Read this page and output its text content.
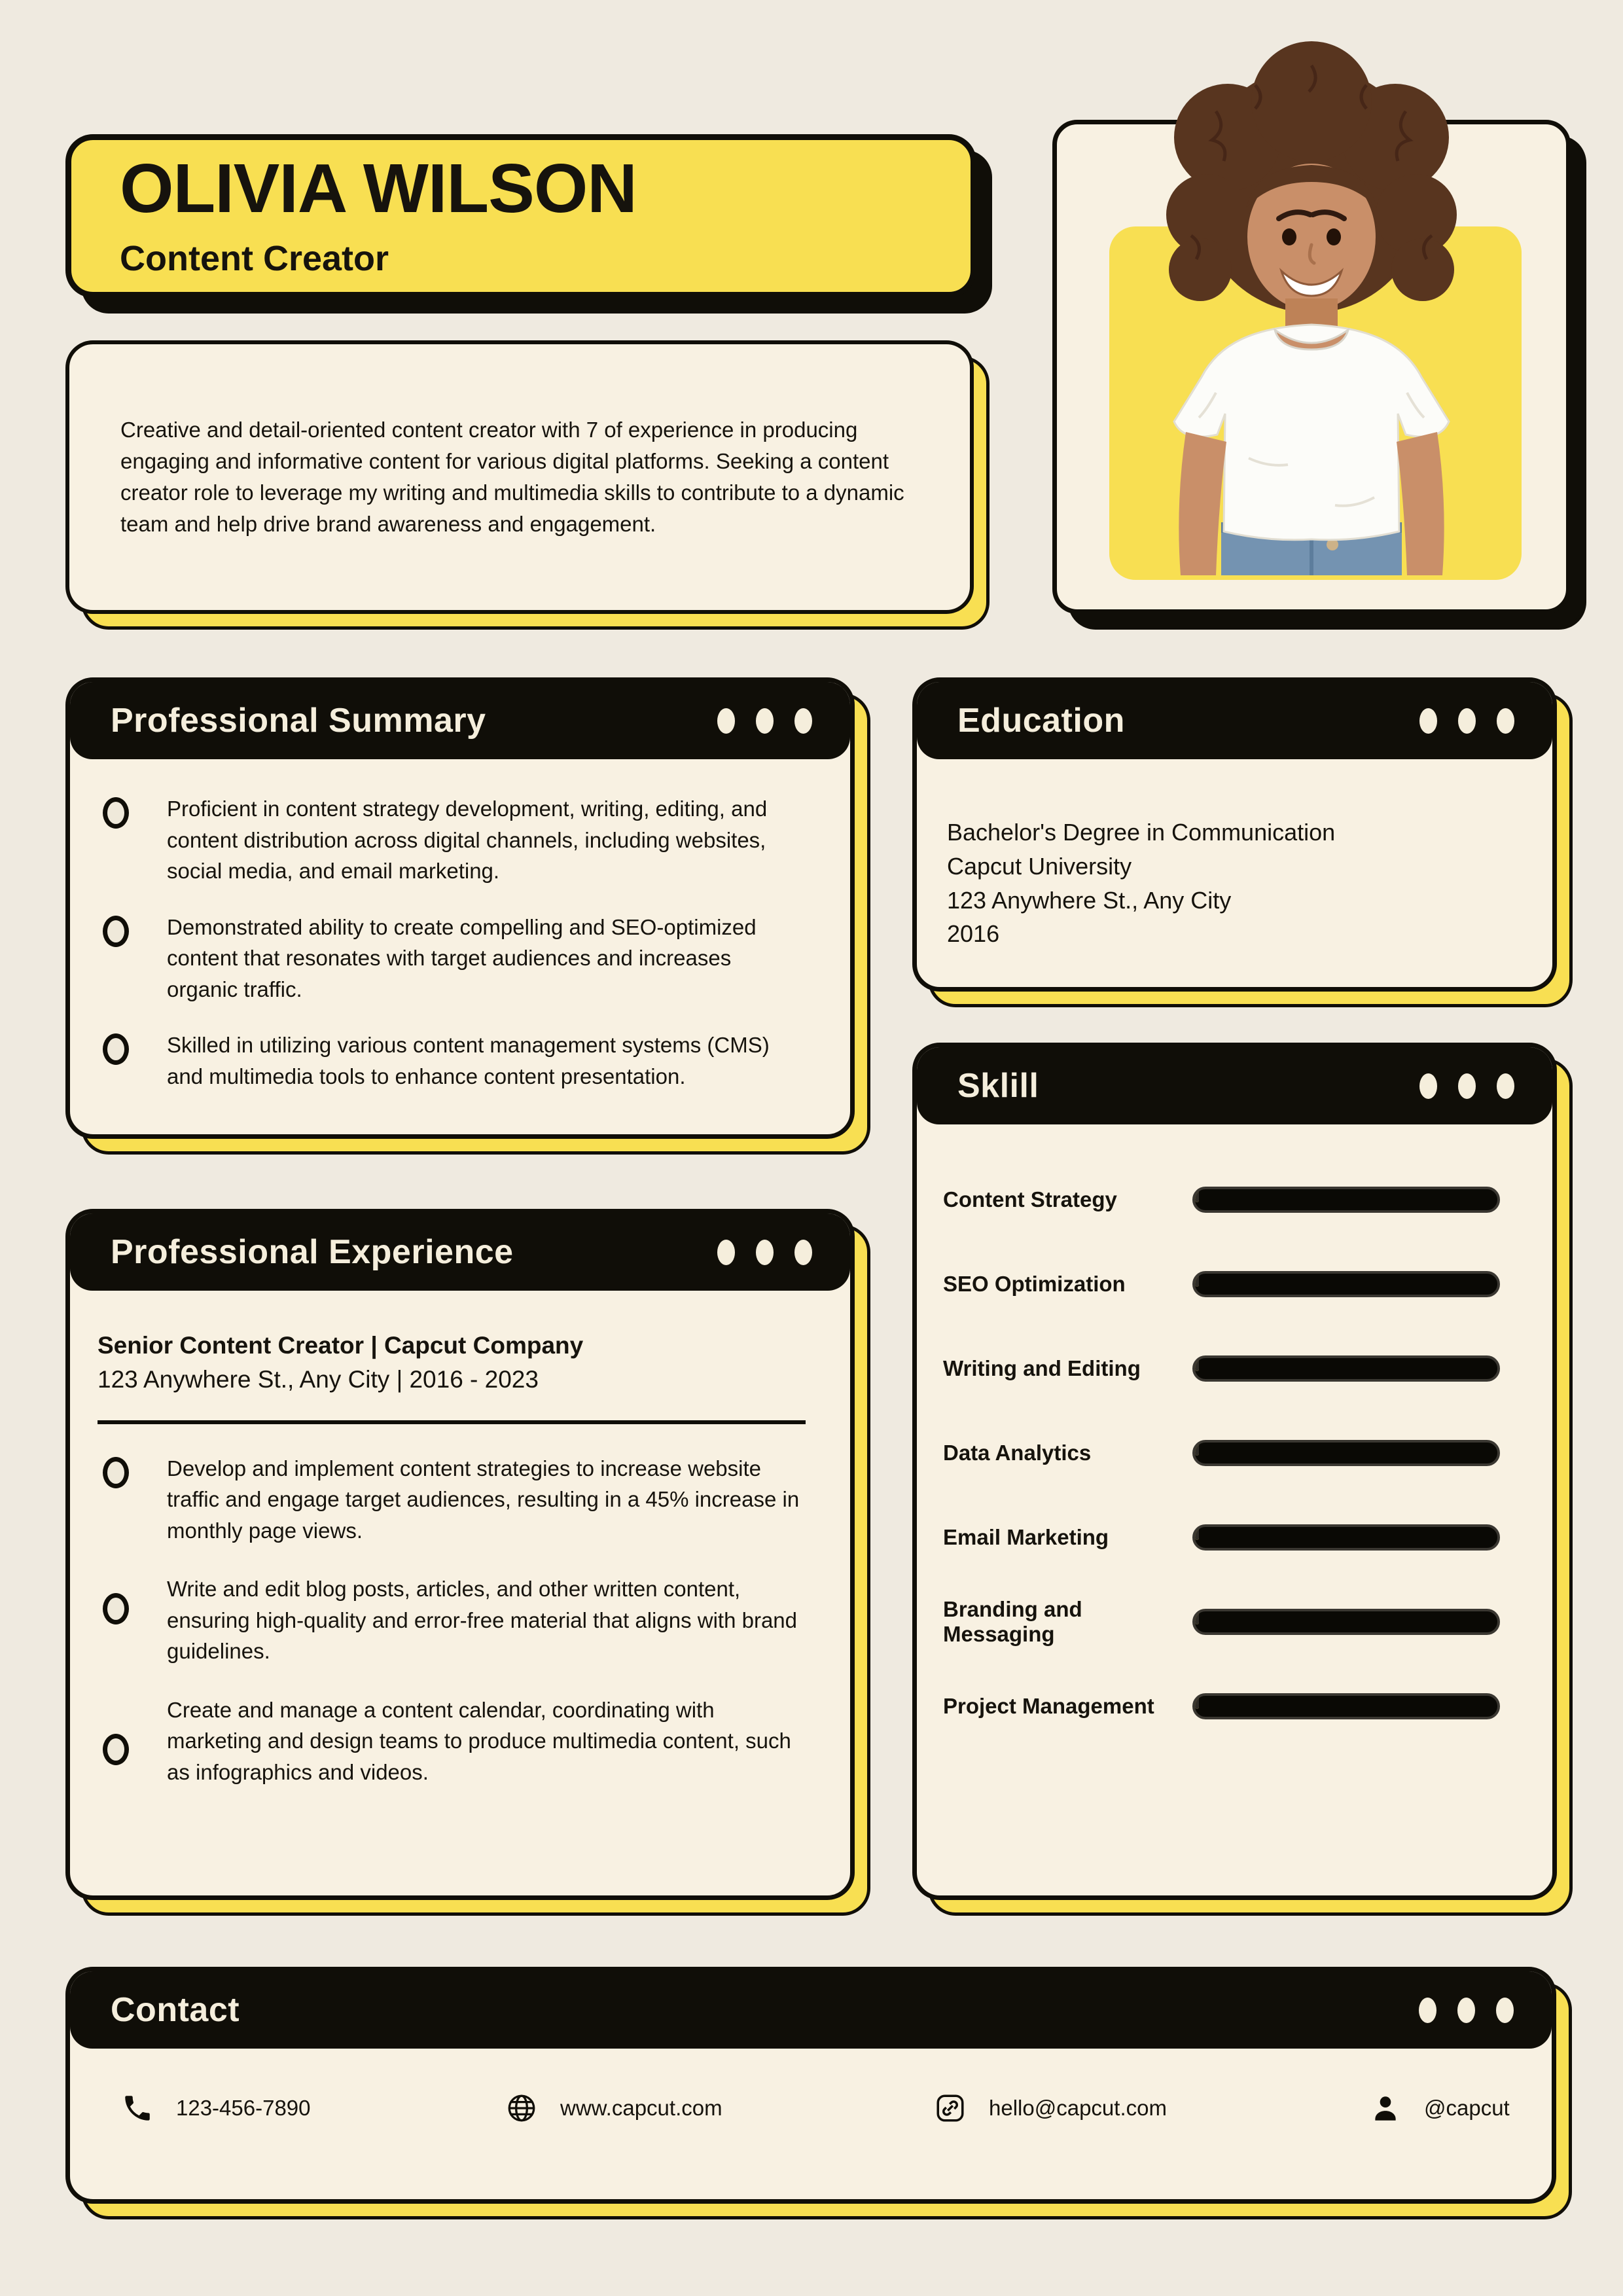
OLIVIA WILSON
Content Creator

Creative and detail-oriented content creator with 7 of experience in producing engaging and informative content for various digital platforms. Seeking a content creator role to leverage my writing and multimedia skills to contribute to a dynamic team and help drive brand awareness and engagement.

Professional Summary

Proficient in content strategy development, writing, editing, and content distribution across digital channels, including websites, social media, and email marketing.

Demonstrated ability to create compelling and SEO-optimized content that resonates with target audiences and increases organic traffic.

Skilled in utilizing various content management systems (CMS) and multimedia tools to enhance content presentation.

Education
Bachelor's Degree in Communication
Capcut University
123 Anywhere St., Any City
2016
Sklill
Content Strategy
SEO Optimization
Writing and Editing
Data Analytics
Email Marketing
Branding and Messaging
Project Management
Professional Experience
Senior Content Creator | Capcut Company
123 Anywhere St., Any City | 2016 - 2023

Develop and implement content strategies to increase website traffic and engage target audiences, resulting in a 45% increase in monthly page views.

Write and edit blog posts, articles, and other written content, ensuring high-quality and error-free material that aligns with brand guidelines.

Create and manage a content calendar, coordinating with marketing and design teams to produce multimedia content, such as infographics and videos.

Contact
123-456-7890	www.capcut.com	hello@capcut.com	@capcut
